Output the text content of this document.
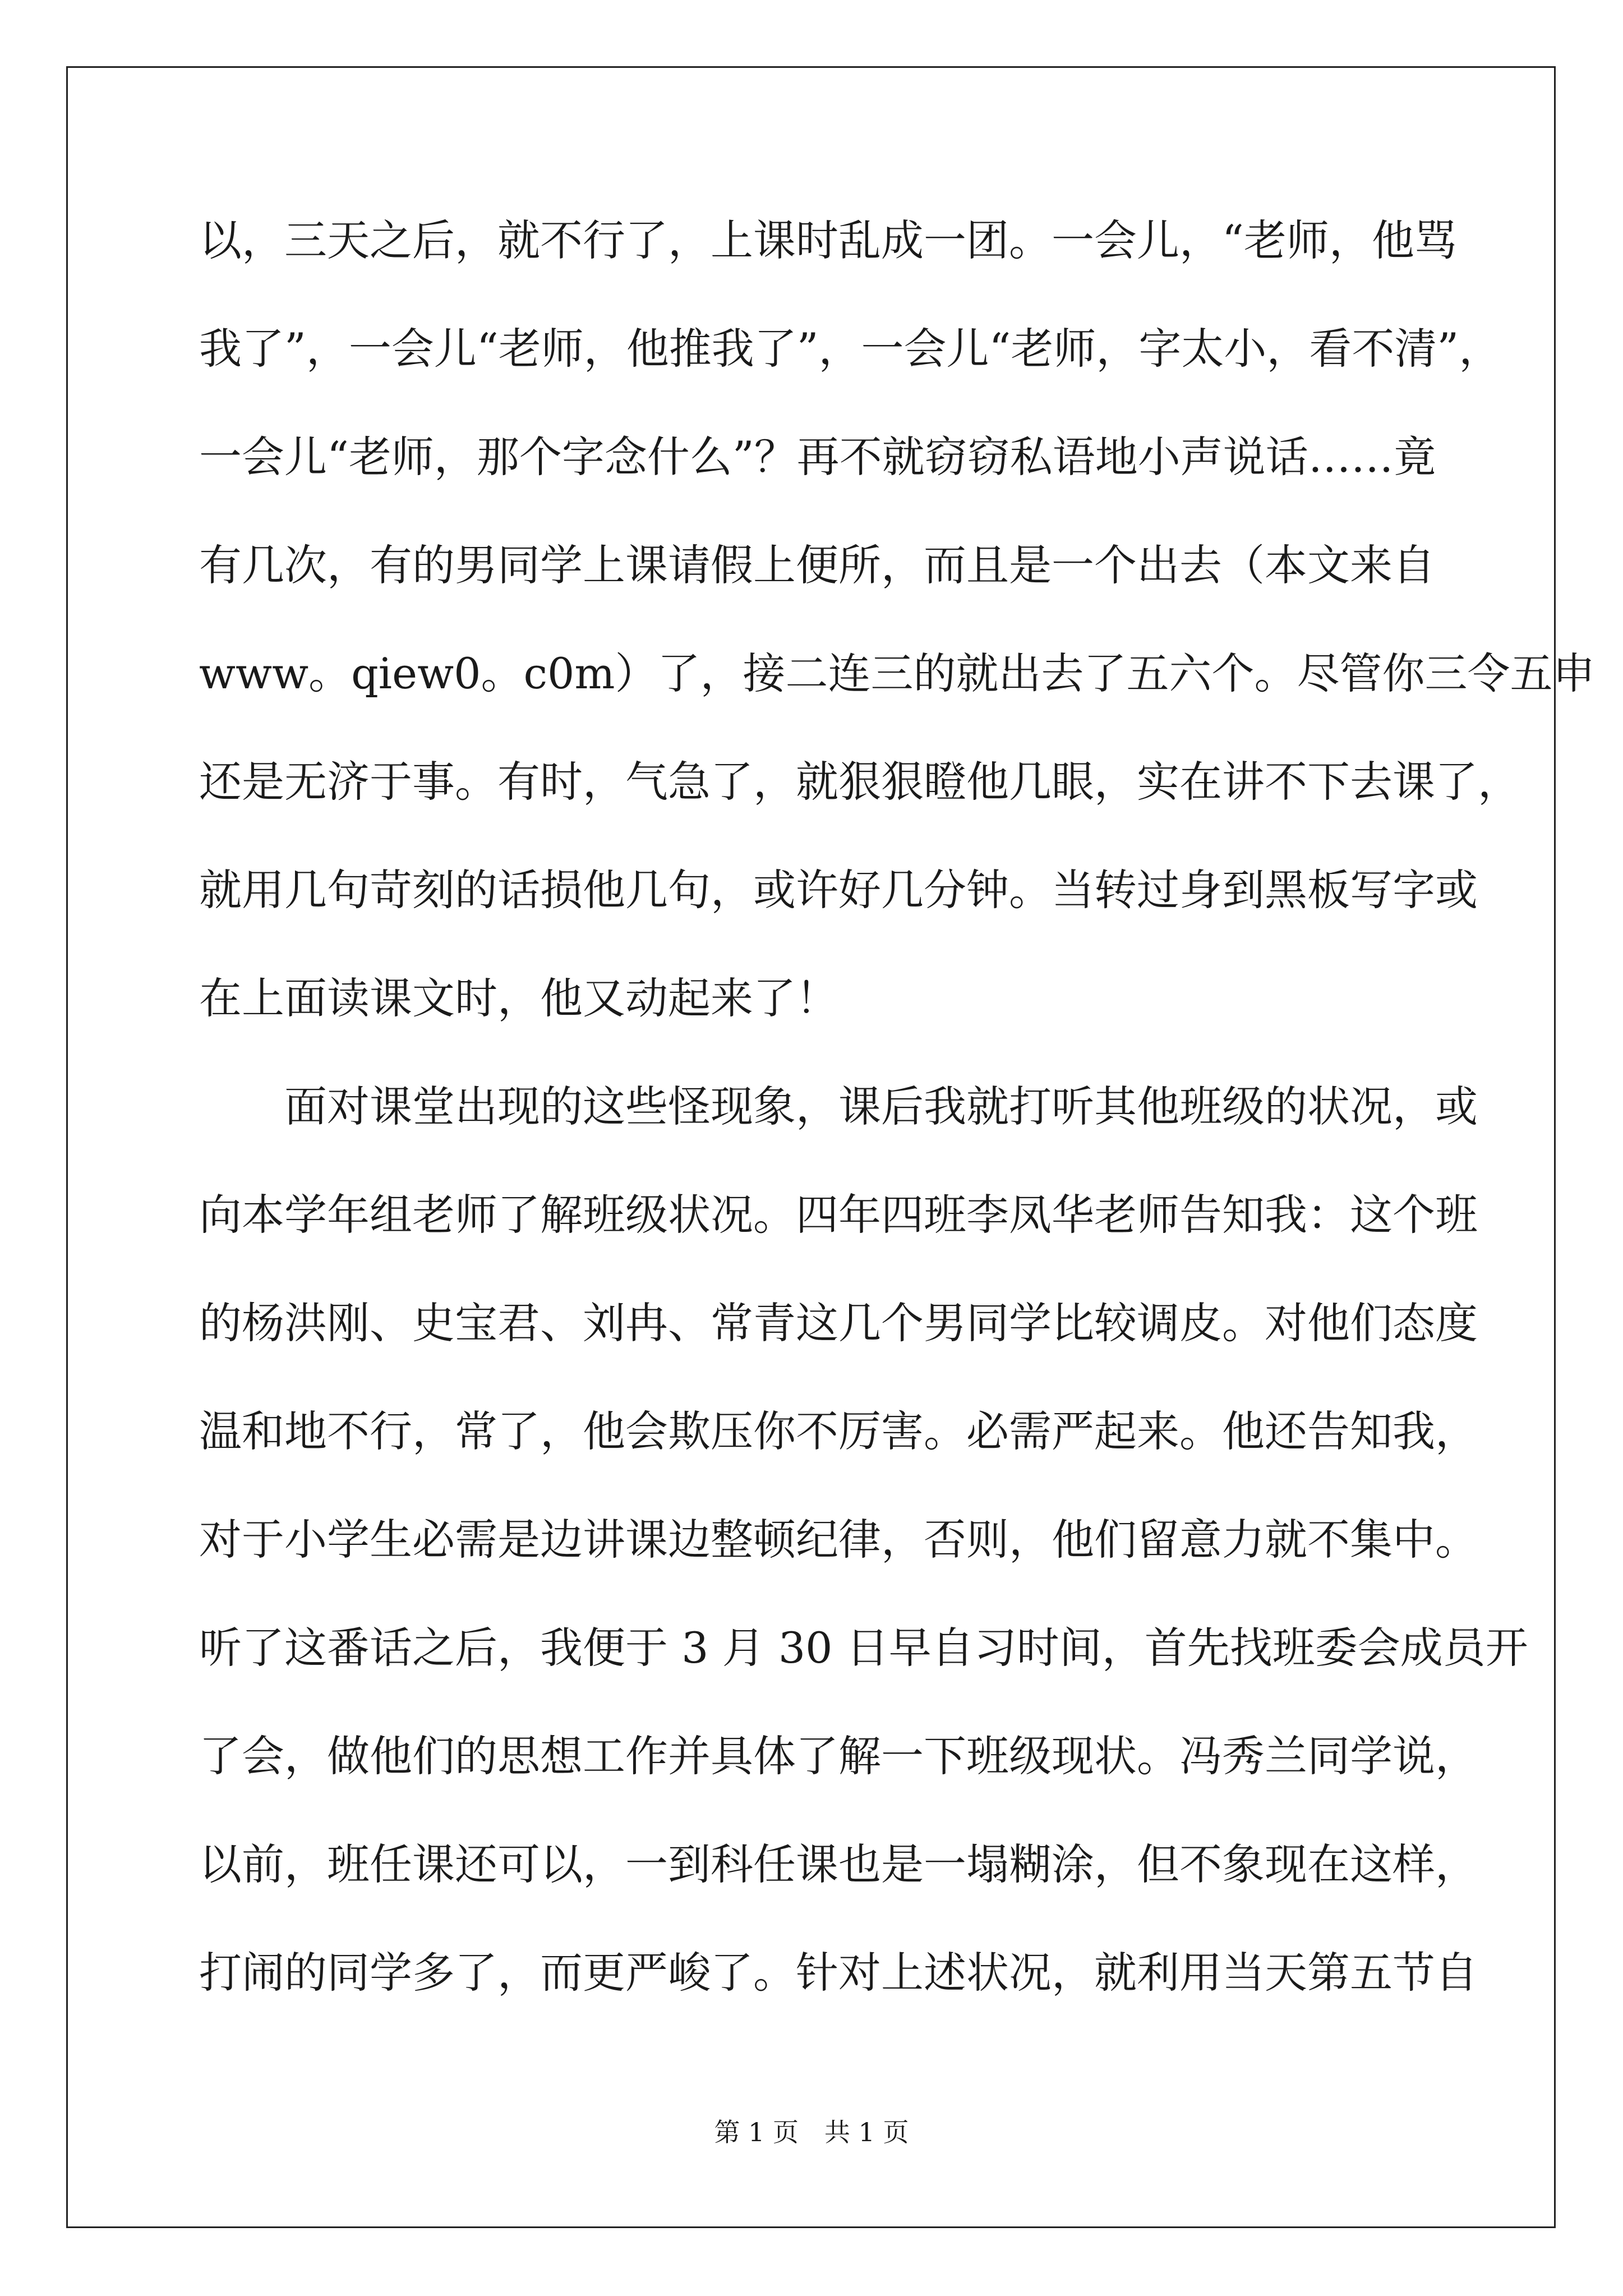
以，三天之后，就不行了，上课时乱成一团。一会儿，“老师，他骂
我了”，一会儿“老师，他推我了”，一会儿“老师，字太小，看不清”，
一会儿“老师，那个字念什么”？再不就窃窃私语地小声说话……竟
有几次，有的男同学上课请假上便所，而且是一个出去（本文来自
www。qiew0。c0m）了，接二连三的就出去了五六个。尽管你三令五申
还是无济于事。有时，气急了，就狠狠瞪他几眼，实在讲不下去课了，
就用几句苛刻的话损他几句，或许好几分钟。当转过身到黑板写字或
在上面读课文时，他又动起来了！
　　面对课堂出现的这些怪现象，课后我就打听其他班级的状况，或
向本学年组老师了解班级状况。四年四班李凤华老师告知我：这个班
的杨洪刚、史宝君、刘冉、常青这几个男同学比较调皮。对他们态度
温和地不行，常了，他会欺压你不厉害。必需严起来。他还告知我，
对于小学生必需是边讲课边整顿纪律，否则，他们留意力就不集中。
听了这番话之后，我便于 3 月 30 日早自习时间，首先找班委会成员开
了会，做他们的思想工作并具体了解一下班级现状。冯秀兰同学说，
以前，班任课还可以，一到科任课也是一塌糊涂，但不象现在这样，
打闹的同学多了，而更严峻了。针对上述状况，就利用当天第五节自
第 1 页　共 1 页
